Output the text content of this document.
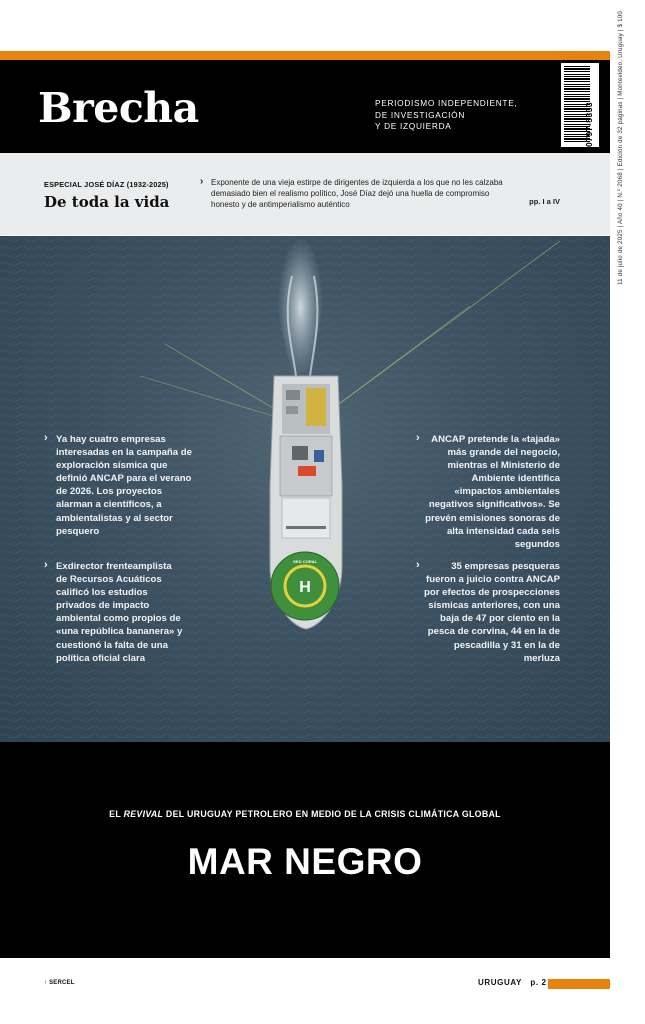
Brecha	PERIODISMO INDEPENDIENTE,
DE INVESTIGACIÓN
Y DE IZQUIERDA	0797-5333	11 de julio de 2025 | Año 40 | N.º 2068 | Edición de 32 páginas | Montevideo, Uruguay | $ 100
ESPECIAL JOSÉ DÍAZ (1932-2025)
De toda la vida
› Exponente de una vieja estirpe de dirigentes de izquierda a los que no les calzaba demasiado bien el realismo político, José Díaz dejó una huella de compromiso honesto y de antimperialismo auténtico	pp. I a IV
H
GEO CORAL
› Ya hay cuatro empresas interesadas en la campaña de exploración sísmica que definió ANCAP para el verano de 2026. Los proyectos alarman a científicos, a ambientalistas y al sector pesquero
› Exdirector frenteamplista de Recursos Acuáticos calificó los estudios privados de impacto ambiental como propios de «una república bananera» y cuestionó la falta de una política oficial clara
› ANCAP pretende la «tajada» más grande del negocio, mientras el Ministerio de Ambiente identifica «impactos ambientales negativos significativos». Se prevén emisiones sonoras de alta intensidad cada seis segundos
› 35 empresas pesqueras fueron a juicio contra ANCAP por efectos de prospecciones sísmicas anteriores, con una baja de 47 por ciento en la pesca de corvina, 44 en la de pescadilla y 31 en la de merluza
EL REVIVAL DEL URUGUAY PETROLERO EN MEDIO DE LA CRISIS CLIMÁTICA GLOBAL
MAR NEGRO
↑ SERCEL	URUGUAY p. 2
